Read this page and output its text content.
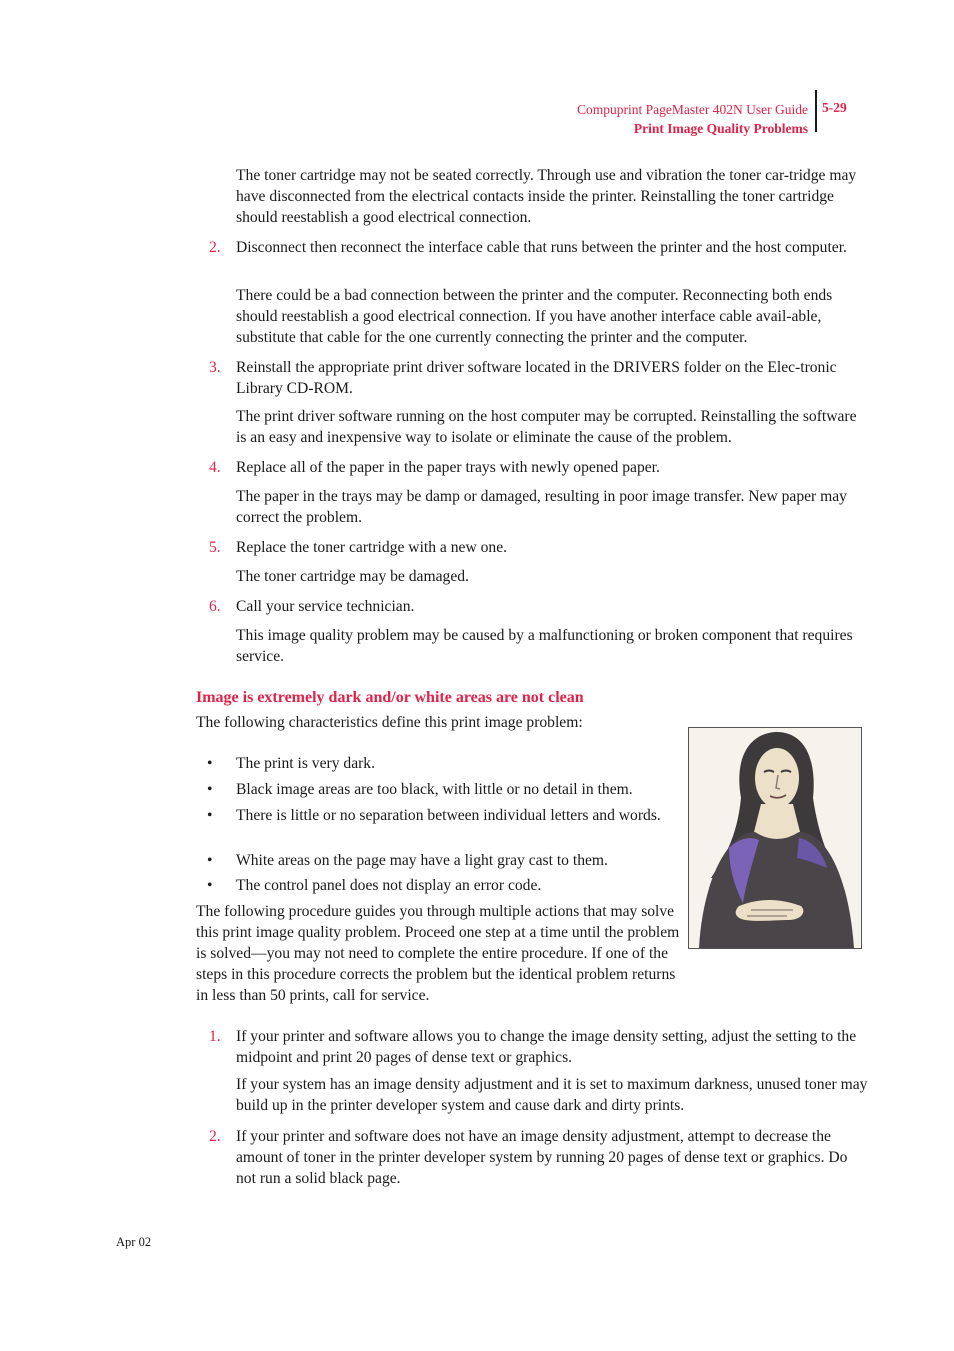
Compuprint PageMaster 402N User Guide
Print Image Quality Problems
5-29

The toner cartridge may not be seated correctly. Through use and vibration the toner car-tridge may have disconnected from the electrical contacts inside the printer. Reinstalling the toner cartridge should reestablish a good electrical connection.

2. Disconnect then reconnect the interface cable that runs between the printer and the host computer.

There could be a bad connection between the printer and the computer. Reconnecting both ends should reestablish a good electrical connection. If you have another interface cable avail-able, substitute that cable for the one currently connecting the printer and the computer.

3. Reinstall the appropriate print driver software located in the DRIVERS folder on the Elec-tronic Library CD-ROM.

The print driver software running on the host computer may be corrupted. Reinstalling the software is an easy and inexpensive way to isolate or eliminate the cause of the problem.

4. Replace all of the paper in the paper trays with newly opened paper.

The paper in the trays may be damp or damaged, resulting in poor image transfer. New paper may correct the problem.

5. Replace the toner cartridge with a new one.

The toner cartridge may be damaged.

6. Call your service technician.

This image quality problem may be caused by a malfunctioning or broken component that requires service.

Image is extremely dark and/or white areas are not clean

The following characteristics define this print image problem:

• The print is very dark.

• Black image areas are too black, with little or no detail in them.

• There is little or no separation between individual letters and words.

• White areas on the page may have a light gray cast to them.

• The control panel does not display an error code.

The following procedure guides you through multiple actions that may solve this print image quality problem. Proceed one step at a time until the problem is solved—you may not need to complete the entire procedure. If one of the steps in this procedure corrects the problem but the identical problem returns in less than 50 prints, call for service.

1. If your printer and software allows you to change the image density setting, adjust the setting to the midpoint and print 20 pages of dense text or graphics.

If your system has an image density adjustment and it is set to maximum darkness, unused toner may build up in the printer developer system and cause dark and dirty prints.

2. If your printer and software does not have an image density adjustment, attempt to decrease the amount of toner in the printer developer system by running 20 pages of dense text or graphics. Do not run a solid black page.

Apr 02
